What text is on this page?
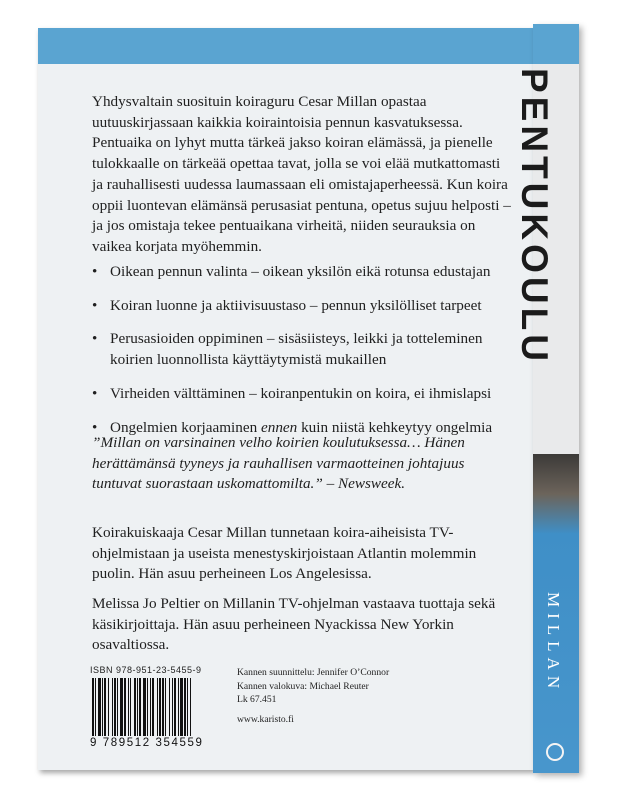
PENTUKOULU
MILLAN

Yhdysvaltain suosituin koiraguru Cesar Millan opastaa uutuuskirjassaan kaikkia koiraintoisia pennun kasvatuksessa. Pentuaika on lyhyt mutta tärkeä jakso koiran elämässä, ja pienelle tulokkaalle on tärkeää opettaa tavat, jolla se voi elää mutkattomasti ja rauhallisesti uudessa laumassaan eli omistajaperheessä. Kun koira oppii luontevan elämänsä perusasiat pentuna, opetus sujuu helposti – ja jos omistaja tekee pentuaikana virheitä, niiden seurauksia on vaikea korjata myöhemmin.

• Oikean pennun valinta – oikean yksilön eikä rotunsa edustajan
• Koiran luonne ja aktiivisuustaso – pennun yksilölliset tarpeet
• Perusasioiden oppiminen – sisäsiisteys, leikki ja totteleminen koirien luonnollista käyttäytymistä mukaillen
• Virheiden välttäminen – koiranpentukin on koira, ei ihmislapsi
• Ongelmien korjaaminen ennen kuin niistä kehkeytyy ongelmia

”Millan on varsinainen velho koirien koulutuksessa… Hänen herättämänsä tyyneys ja rauhallisen varmaotteinen johtajuus tuntuvat suorastaan uskomattomilta.” – Newsweek.

Koirakuiskaaja Cesar Millan tunnetaan koira-aiheisista TV-ohjelmistaan ja useista menestyskirjoistaan Atlantin molemmin puolin. Hän asuu perheineen Los Angelesissa.

Melissa Jo Peltier on Millanin TV-ohjelman vastaava tuottaja sekä käsikirjoittaja. Hän asuu perheineen Nyackissa New Yorkin osavaltiossa.

ISBN 978-951-23-5455-9
9 789512 354559
Kannen suunnittelu: Jennifer O’Connor
Kannen valokuva: Michael Reuter
Lk 67.451
www.karisto.fi
